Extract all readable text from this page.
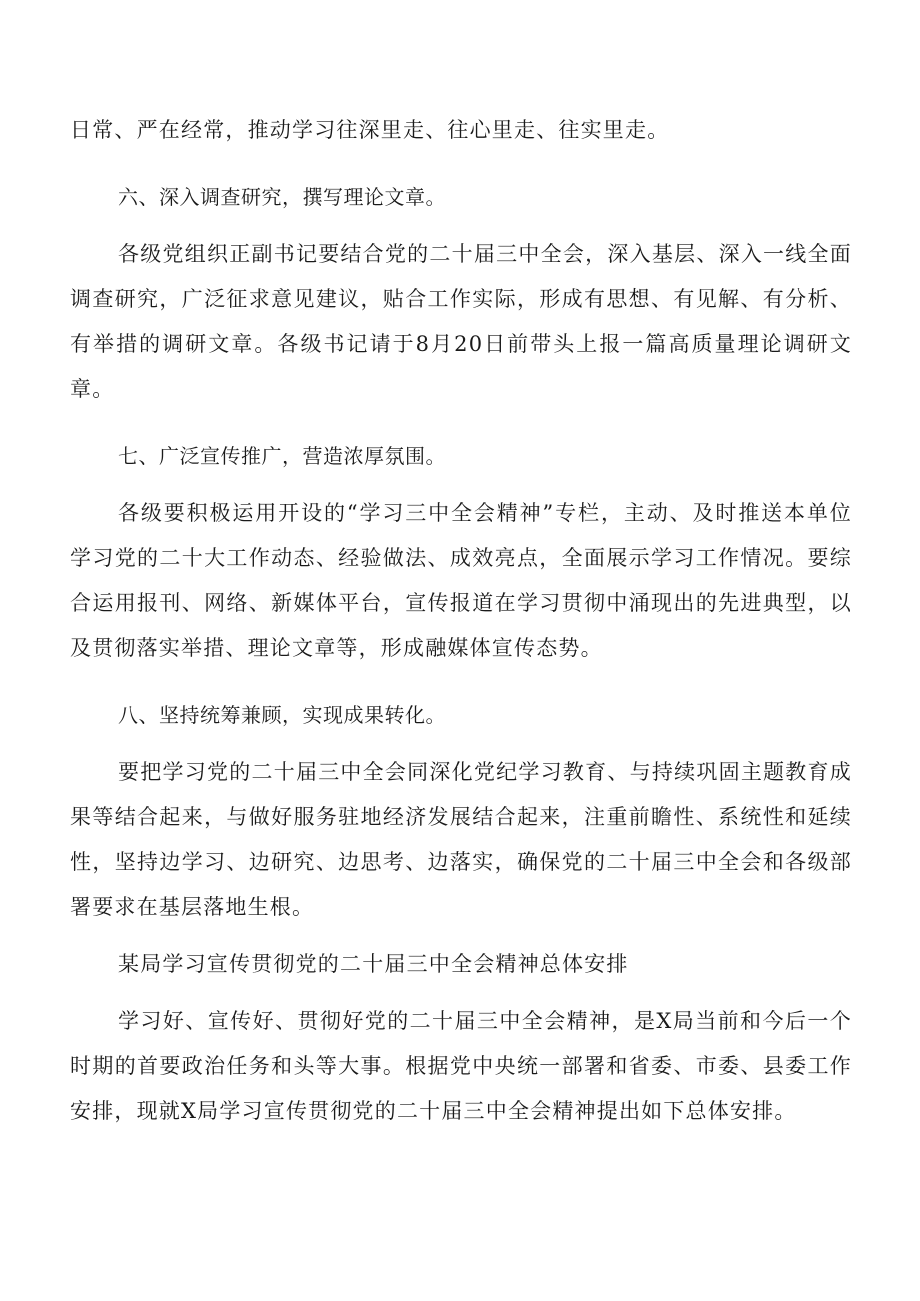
日常、严在经常，推动学习往深里走、往心里走、往实里走。

六、深入调查研究，撰写理论文章。

各级党组织正副书记要结合党的二十届三中全会，深入基层、深入一线全面调查研究，广泛征求意见建议，贴合工作实际，形成有思想、有见解、有分析、有举措的调研文章。各级书记请于8月20日前带头上报一篇高质量理论调研文章。

七、广泛宣传推广，营造浓厚氛围。

各级要积极运用开设的“学习三中全会精神”专栏，主动、及时推送本单位学习党的二十大工作动态、经验做法、成效亮点，全面展示学习工作情况。要综合运用报刊、网络、新媒体平台，宣传报道在学习贯彻中涌现出的先进典型，以及贯彻落实举措、理论文章等，形成融媒体宣传态势。

八、坚持统筹兼顾，实现成果转化。

要把学习党的二十届三中全会同深化党纪学习教育、与持续巩固主题教育成果等结合起来，与做好服务驻地经济发展结合起来，注重前瞻性、系统性和延续性，坚持边学习、边研究、边思考、边落实，确保党的二十届三中全会和各级部署要求在基层落地生根。

某局学习宣传贯彻党的二十届三中全会精神总体安排

学习好、宣传好、贯彻好党的二十届三中全会精神，是X局当前和今后一个时期的首要政治任务和头等大事。根据党中央统一部署和省委、市委、县委工作安排，现就X局学习宣传贯彻党的二十届三中全会精神提出如下总体安排。
